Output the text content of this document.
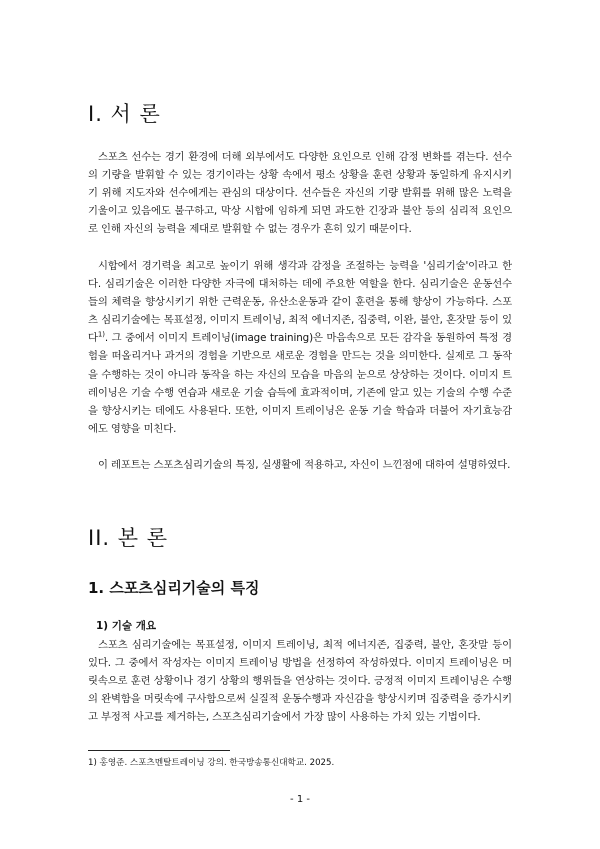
I. 서 론

스포츠 선수는 경기 환경에 더해 외부에서도 다양한 요인으로 인해 감정 변화를 겪는다. 선수의 기량을 발휘할 수 있는 경기이라는 상황 속에서 평소 상황을 훈련 상황과 동일하게 유지시키기 위해 지도자와 선수에게는 관심의 대상이다. 선수들은 자신의 기량 발휘를 위해 많은 노력을 기울이고 있음에도 불구하고, 막상 시합에 임하게 되면 과도한 긴장과 불안 등의 심리적 요인으로 인해 자신의 능력을 제대로 발휘할 수 없는 경우가 흔히 있기 때문이다.

시합에서 경기력을 최고로 높이기 위해 생각과 감정을 조절하는 능력을 '심리기술'이라고 한다. 심리기술은 이러한 다양한 자극에 대처하는 데에 주요한 역할을 한다. 심리기술은 운동선수들의 체력을 향상시키기 위한 근력운동, 유산소운동과 같이 훈련을 통해 향상이 가능하다. 스포츠 심리기술에는 목표설정, 이미지 트레이닝, 최적 에너지존, 집중력, 이완, 불안, 혼잣말 등이 있다$^{1)}$. 그 중에서 이미지 트레이닝(image training)은 마음속으로 모든 감각을 동원하여 특정 경험을 떠올리거나 과거의 경험을 기반으로 새로운 경험을 만드는 것을 의미한다. 실제로 그 동작을 수행하는 것이 아니라 동작을 하는 자신의 모습을 마음의 눈으로 상상하는 것이다. 이미지 트레이닝은 기술 수행 연습과 새로운 기술 습득에 효과적이며, 기존에 알고 있는 기술의 수행 수준을 향상시키는 데에도 사용된다. 또한, 이미지 트레이닝은 운동 기술 학습과 더불어 자기효능감에도 영향을 미친다.

이 레포트는 스포츠심리기술의 특징, 실생활에 적용하고, 자신이 느낀점에 대하여 설명하였다.

II. 본 론
1. 스포츠심리기술의 특징
1) 기술 개요

스포츠 심리기술에는 목표설정, 이미지 트레이닝, 최적 에너지존, 집중력, 불안, 혼잣말 등이 있다. 그 중에서 작성자는 이미지 트레이닝 방법을 선정하여 작성하였다. 이미지 트레이닝은 머릿속으로 훈련 상황이나 경기 상황의 행위들을 연상하는 것이다. 긍정적 이미지 트레이닝은 수행의 완벽함을 머릿속에 구사함으로써 실질적 운동수행과 자신감을 향상시키며 집중력을 증가시키고 부정적 사고를 제거하는, 스포츠심리기술에서 가장 많이 사용하는 가치 있는 기법이다.

1) 홍영준. 스포츠멘탈트레이닝 강의. 한국방송통신대학교. 2025.

- 1 -
